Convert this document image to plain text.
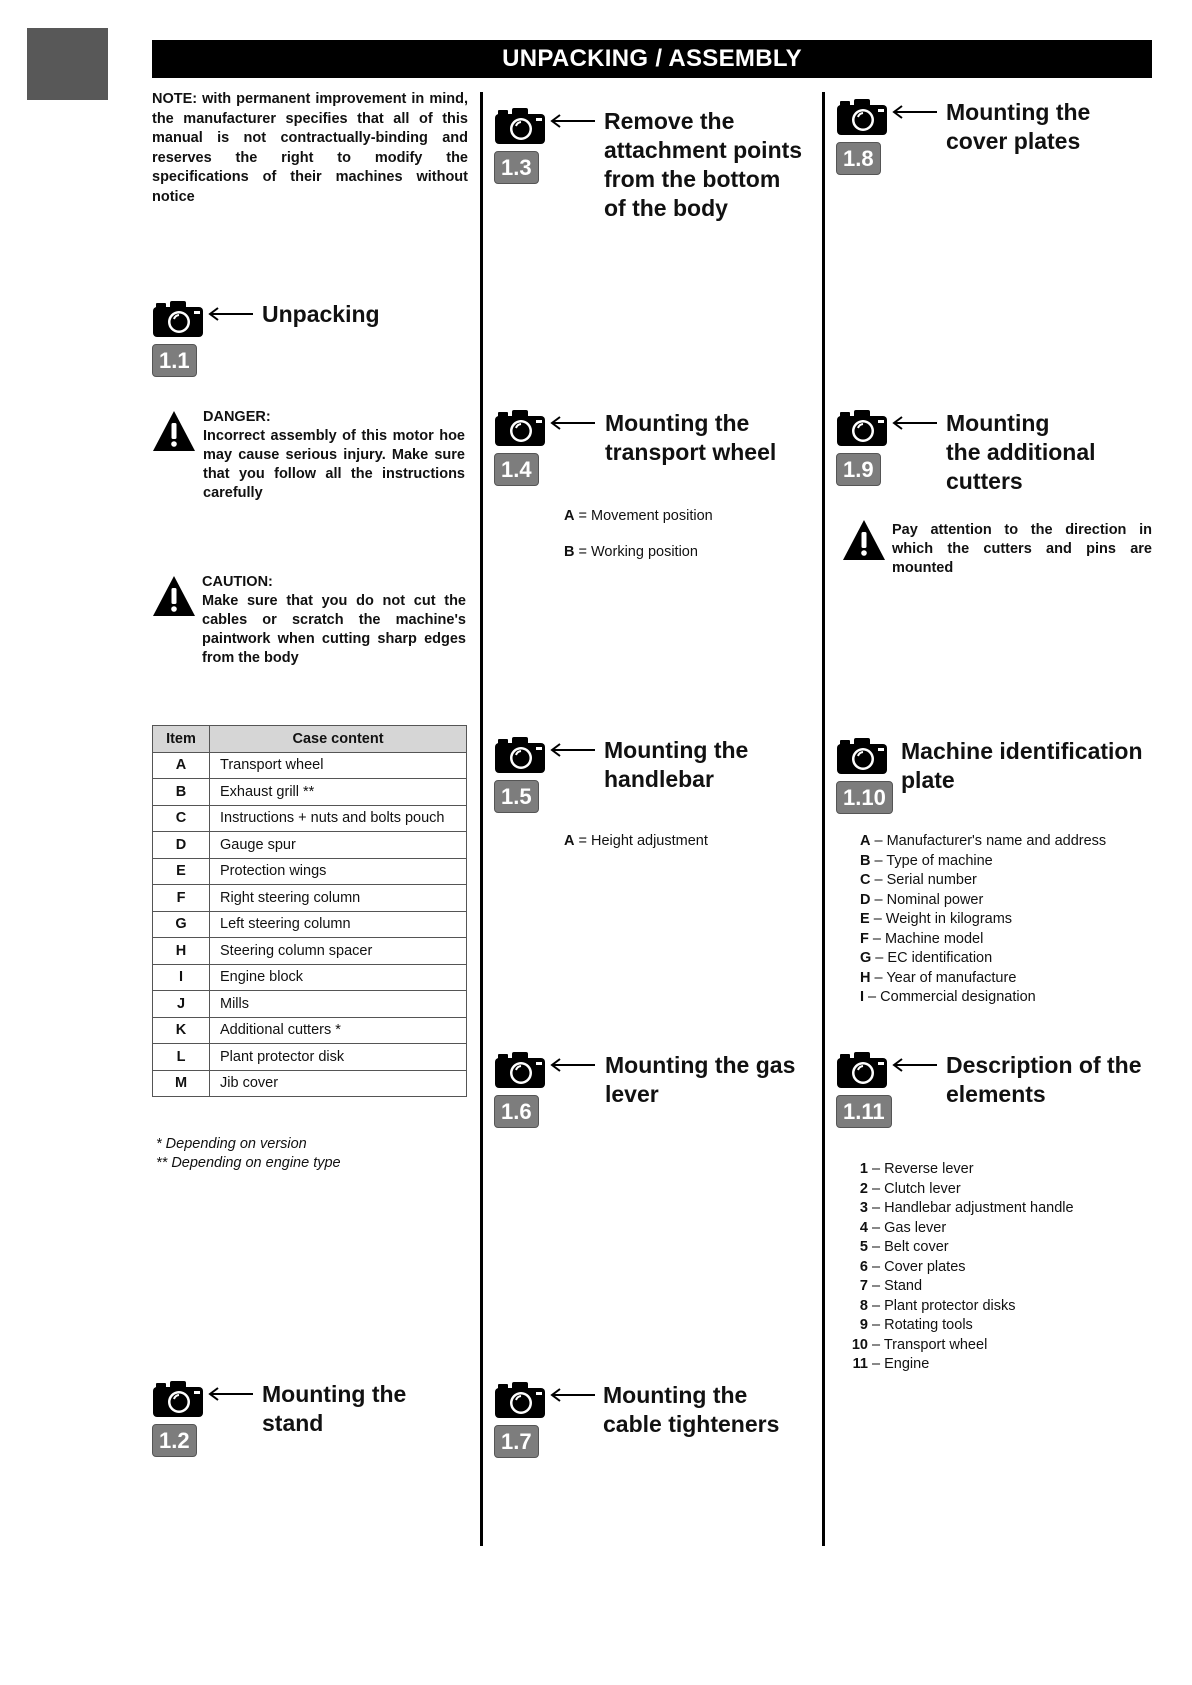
UNPACKING / ASSEMBLY
NOTE: with permanent improvement in mind, the manufacturer specifies that all of this manual is not contractually-binding and reserves the right to modify the specifications of their machines without notice
1.1
Unpacking
DANGER:
Incorrect assembly of this motor hoe may cause serious injury. Make sure that you follow all the instructions carefully
CAUTION:
Make sure that you do not cut the cables or scratch the machine's paintwork when cutting sharp edges from the body
Item	Case content
A	Transport wheel
B	Exhaust grill **
C	Instructions + nuts and bolts pouch
D	Gauge spur
E	Protection wings
F	Right steering column
G	Left steering column
H	Steering column spacer
I	Engine block
J	Mills
K	Additional cutters *
L	Plant protector disk
M	Jib cover
* Depending on version
** Depending on engine type
1.2
Mounting the
stand
1.3
Remove the
attachment points
from the bottom
of the body
1.4
Mounting the
transport wheel
A = Movement position
B = Working position
1.5
Mounting the
handlebar
A = Height adjustment
1.6
Mounting the gas
lever
1.7
Mounting the
cable tighteners
1.8
Mounting the
cover plates
1.9
Mounting
the additional
cutters
Pay attention to the direction in which the cutters and pins are mounted
1.10
Machine identification
plate
A – Manufacturer's name and address
B – Type of machine
C – Serial number
D – Nominal power
E – Weight in kilograms
F – Machine model
G – EC identification
H – Year of manufacture
I – Commercial designation
1.11
Description of the
elements
1 – Reverse lever
2 – Clutch lever
3 – Handlebar adjustment handle
4 – Gas lever
5 – Belt cover
6 – Cover plates
7 – Stand
8 – Plant protector disks
9 – Rotating tools
10 – Transport wheel
11 – Engine
